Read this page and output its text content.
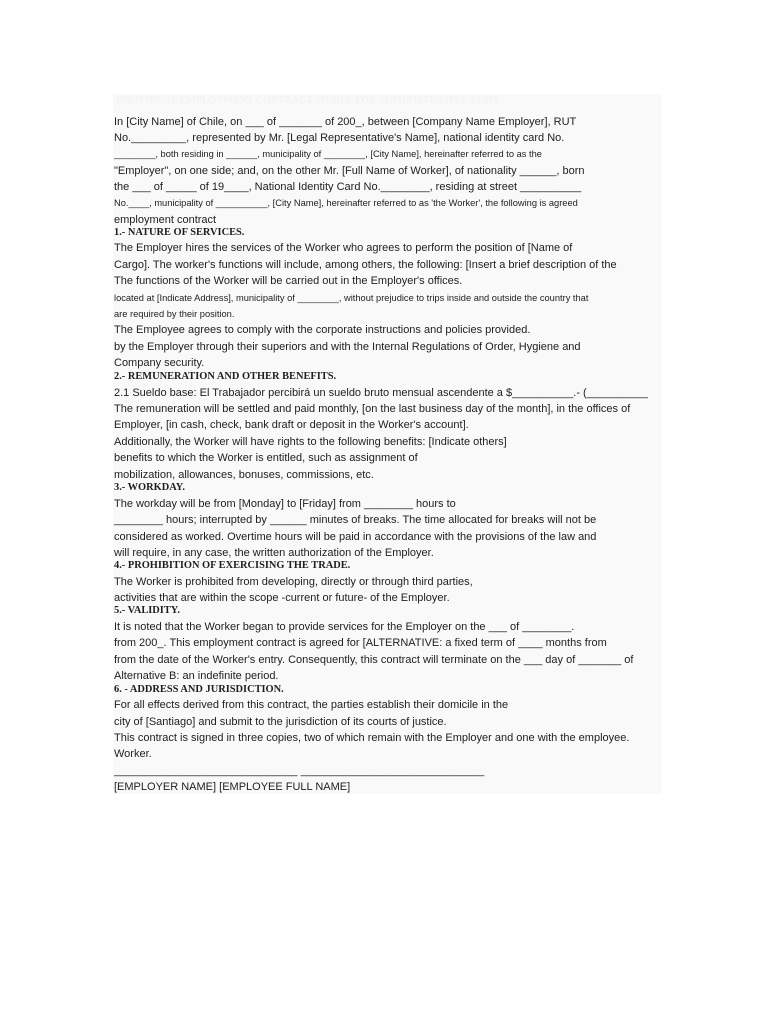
INDIVIDUAL EMPLOYMENT CONTRACT MODEL FOR ADMINISTRATIVE STAFF
In [City Name] of Chile, on ___ of _______ of 200_, between [Company Name Employer], RUT
No._________, represented by Mr. [Legal Representative's Name], national identity card No.
________, both residing in ______, municipality of ________, [City Name], hereinafter referred to as the
"Employer", on one side; and, on the other Mr. [Full Name of Worker], of nationality ______, born
the ___ of _____ of 19____, National Identity Card No.________, residing at street __________
No.____, municipality of __________, [City Name], hereinafter referred to as 'the Worker', the following is agreed
employment contract
1.- NATURE OF SERVICES.
The Employer hires the services of the Worker who agrees to perform the position of [Name of
Cargo]. The worker's functions will include, among others, the following: [Insert a brief description of the
The functions of the Worker will be carried out in the Employer's offices.
located at [Indicate Address], municipality of ________, without prejudice to trips inside and outside the country that
are required by their position.
The Employee agrees to comply with the corporate instructions and policies provided.
by the Employer through their superiors and with the Internal Regulations of Order, Hygiene and
Company security.
2.- REMUNERATION AND OTHER BENEFITS.
2.1 Sueldo base: El Trabajador percibirá un sueldo bruto mensual ascendente a $__________.- (__________
The remuneration will be settled and paid monthly, [on the last business day of the month], in the offices of
Employer, [in cash, check, bank draft or deposit in the Worker's account].
Additionally, the Worker will have rights to the following benefits: [Indicate others]
benefits to which the Worker is entitled, such as assignment of
mobilization, allowances, bonuses, commissions, etc.
3.- WORKDAY.
The workday will be from [Monday] to [Friday] from ________ hours to
________ hours; interrupted by ______ minutes of breaks. The time allocated for breaks will not be
considered as worked. Overtime hours will be paid in accordance with the provisions of the law and
will require, in any case, the written authorization of the Employer.
4.- PROHIBITION OF EXERCISING THE TRADE.
The Worker is prohibited from developing, directly or through third parties,
activities that are within the scope -current or future- of the Employer.
5.- VALIDITY.
It is noted that the Worker began to provide services for the Employer on the ___ of ________.
from 200_. This employment contract is agreed for [ALTERNATIVE: a fixed term of ____ months from
from the date of the Worker's entry. Consequently, this contract will terminate on the ___ day of _______ of
Alternative B: an indefinite period.
6. - ADDRESS AND JURISDICTION.
For all effects derived from this contract, the parties establish their domicile in the
city of [Santiago] and submit to the jurisdiction of its courts of justice.
This contract is signed in three copies, two of which remain with the Employer and one with the employee.
Worker.
______________________________ ______________________________
[EMPLOYER NAME] [EMPLOYEE FULL NAME]
